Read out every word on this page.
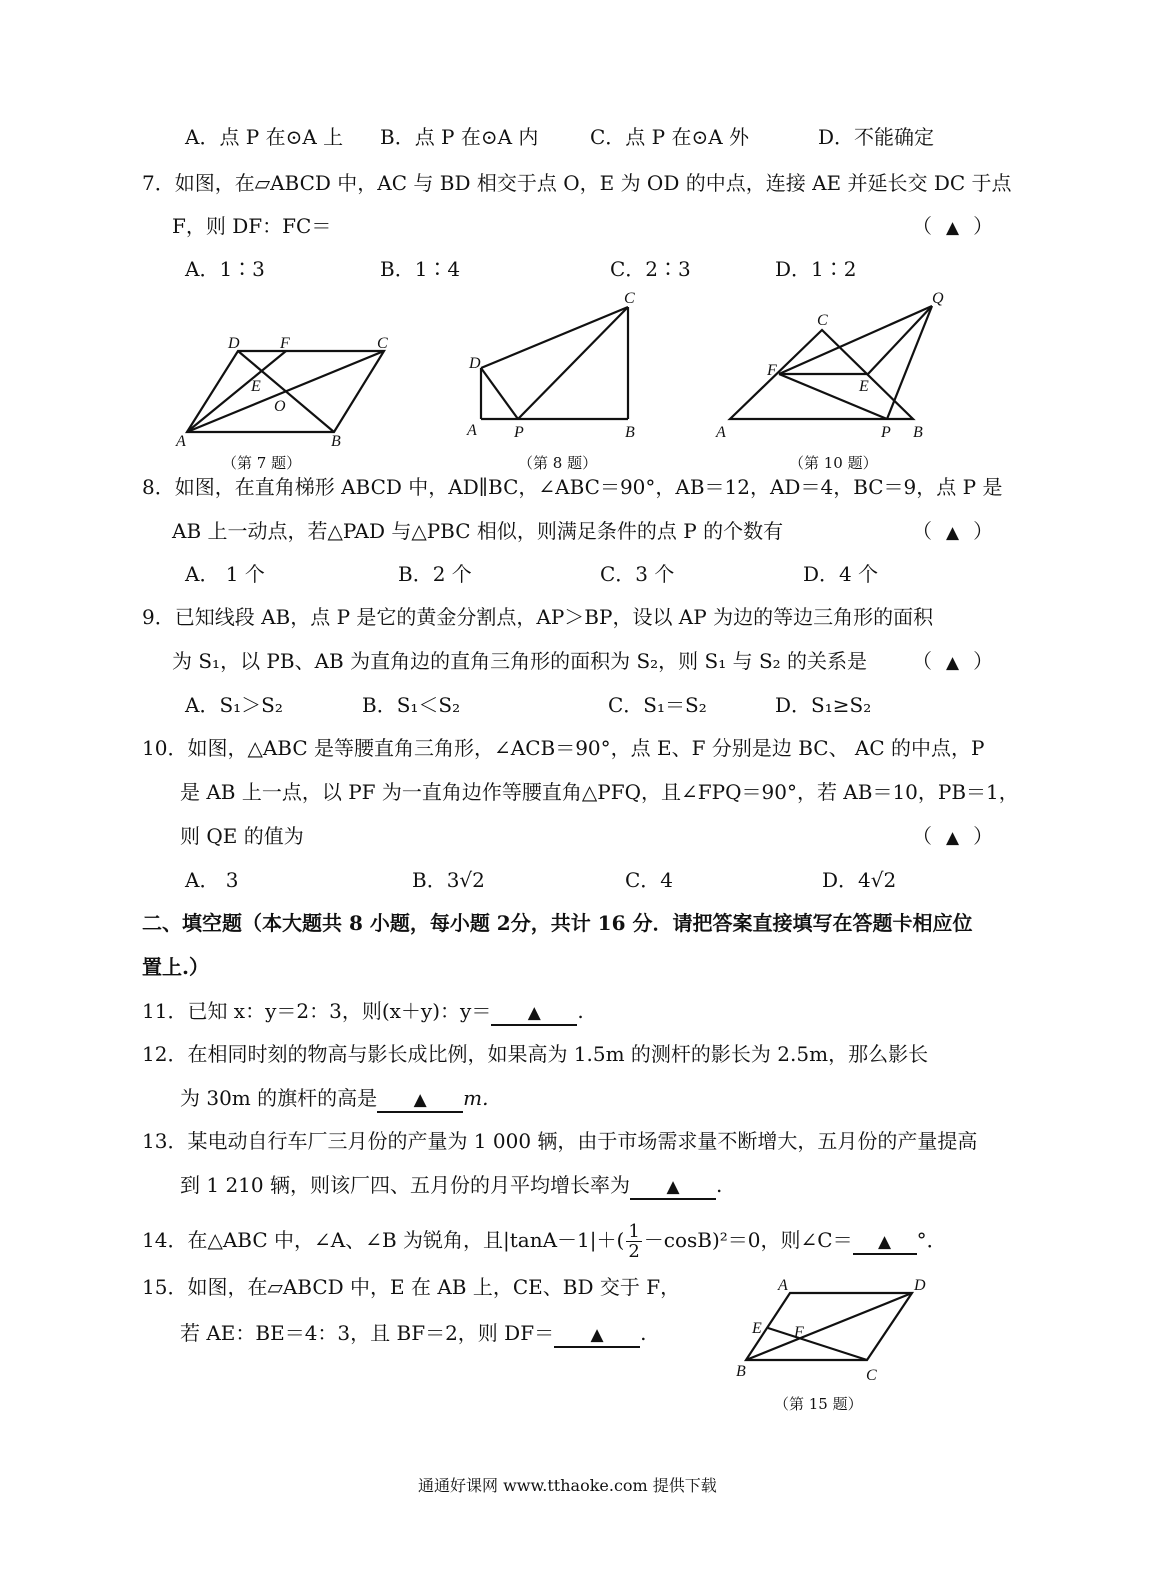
A．点 P 在⊙A 上 B．点 P 在⊙A 内	C．点 P 在⊙A 外	D．不能确定
7．如图，在▱ABCD 中，AC 与 BD 相交于点 O，E 为 OD 的中点，连接 AE 并延长交 DC 于点
F，则 DF：FC＝	（ ▲ ）
A．1∶3	B．1∶4	C．2∶3	D．1∶2
D	F	C
E
O
A	B
（第 7 题）
C
D
A P	B
（第 8 题）
Q
C
F
E
A	P B
（第 10 题）
8．如图，在直角梯形 ABCD 中，AD∥BC，∠ABC＝90°，AB＝12，AD＝4，BC＝9，点 P 是
AB 上一动点，若△PAD 与△PBC 相似，则满足条件的点 P 的个数有	（ ▲ ）
A． 1 个	B．2 个	C．3 个	D．4 个
9．已知线段 AB，点 P 是它的黄金分割点，AP＞BP，设以 AP 为边的等边三角形的面积
为 S₁，以 PB、AB 为直角边的直角三角形的面积为 S₂，则 S₁ 与 S₂ 的关系是 （ ▲ ）
A．S₁＞S₂	B．S₁＜S₂	C．S₁＝S₂	D．S₁≥S₂
10．如图，△ABC 是等腰直角三角形，∠ACB＝90°，点 E、F 分别是边 BC、 AC 的中点，P
是 AB 上一点，以 PF 为一直角边作等腰直角△PFQ，且∠FPQ＝90°，若 AB＝10，PB＝1，
则 QE 的值为	（ ▲ ）
A． 3	B．3√2	C．4	D．4√2
二、填空题（本大题共 8 小题，每小题 2分，共计 16 分．请把答案直接填写在答题卡相应位
置上.）
11．已知 x：y＝2：3，则(x＋y)：y＝ ▲ .
12．在相同时刻的物高与影长成比例，如果高为 1.5m 的测杆的影长为 2.5m，那么影长
为 30m 的旗杆的高是 ▲ m.
13．某电动自行车厂三月份的产量为 1 000 辆，由于市场需求量不断增大，五月份的产量提高
到 1 210 辆，则该厂四、五月份的月平均增长率为 ▲ .
14．在△ABC 中，∠A、∠B 为锐角，且$|\tan A-1|+( \frac{1}{2} -\cos B)^2=0$，则∠C＝ ▲ °．
15．如图，在▱ABCD 中，E 在 AB 上，CE、BD 交于 F，
若 AE：BE＝4：3，且 BF＝2，则 DF＝ ▲ .
A	D
E F
B	C
（第 15 题）
通通好课网 www.tthaoke.com 提供下载
